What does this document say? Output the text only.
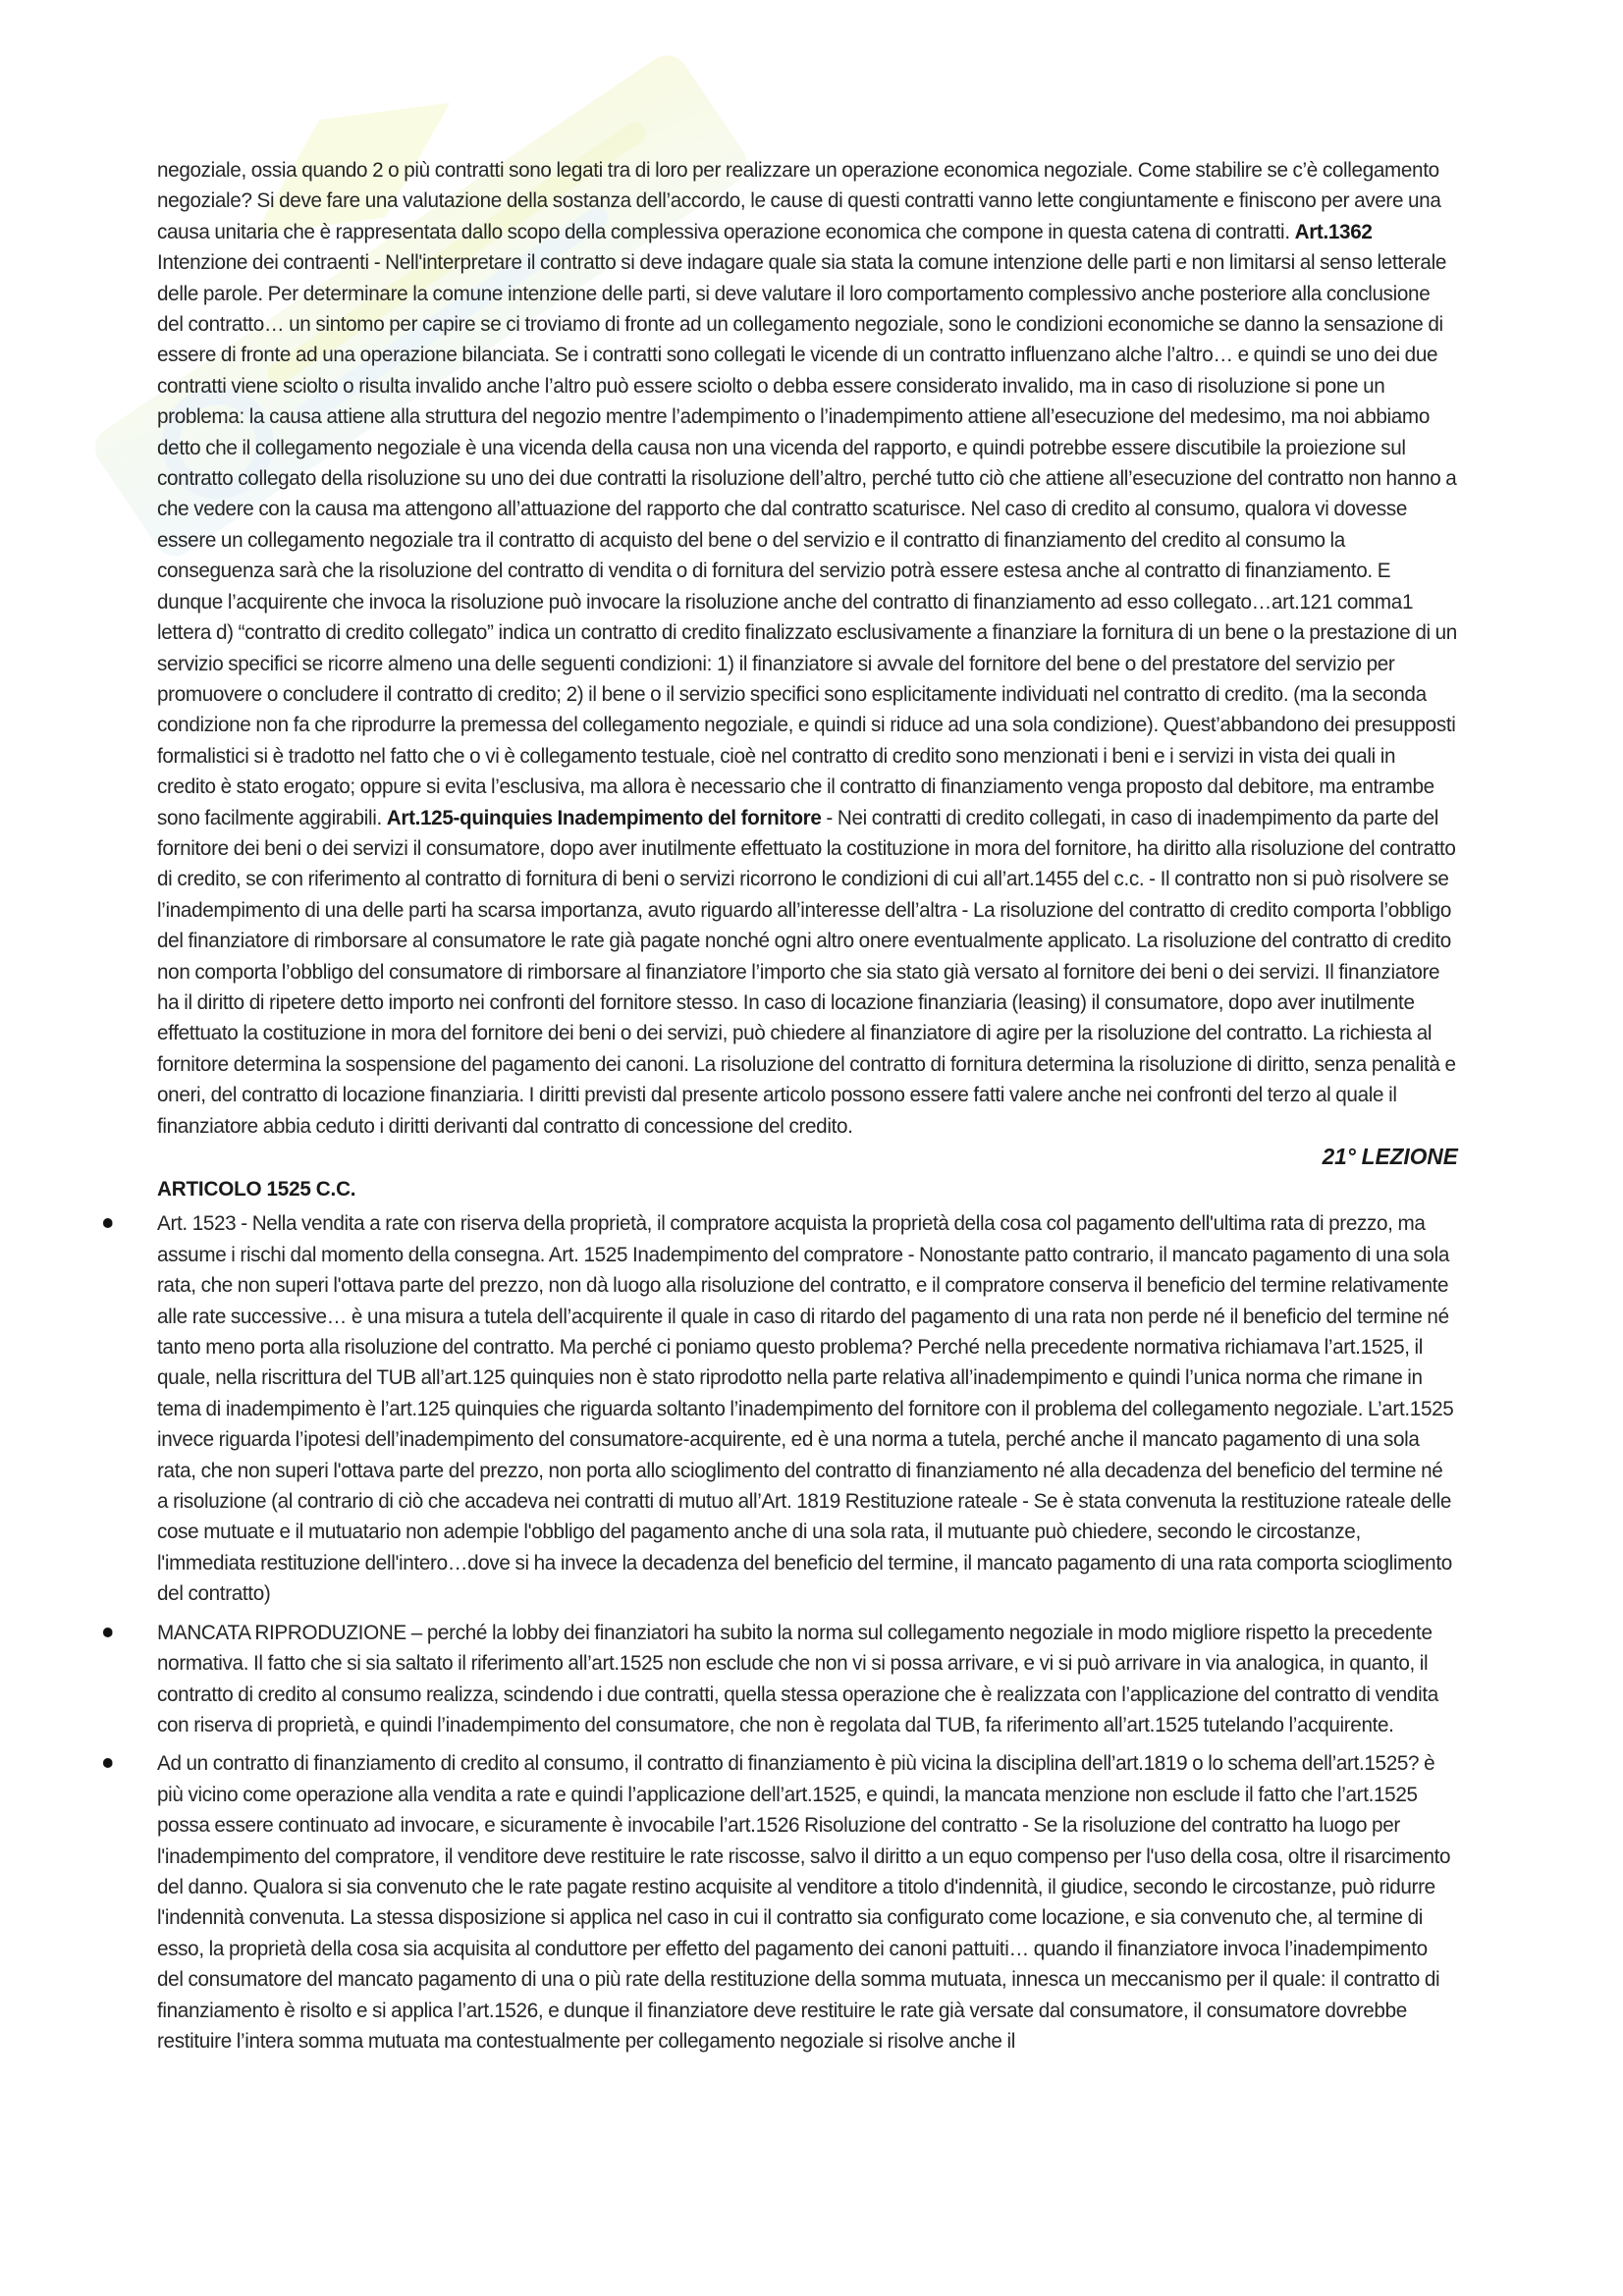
negoziale, ossia quando 2 o più contratti sono legati tra di loro per realizzare un operazione economica negoziale. Come stabilire se c’è collegamento negoziale? Si deve fare una valutazione della sostanza dell’accordo, le cause di questi contratti vanno lette congiuntamente e finiscono per avere una causa unitaria che è rappresentata dallo scopo della complessiva operazione economica che compone in questa catena di contratti. Art.1362 Intenzione dei contraenti - Nell'interpretare il contratto si deve indagare quale sia stata la comune intenzione delle parti e non limitarsi al senso letterale delle parole. Per determinare la comune intenzione delle parti, si deve valutare il loro comportamento complessivo anche posteriore alla conclusione del contratto… un sintomo per capire se ci troviamo di fronte ad un collegamento negoziale, sono le condizioni economiche se danno la sensazione di essere di fronte ad una operazione bilanciata. Se i contratti sono collegati le vicende di un contratto influenzano alche l’altro… e quindi se uno dei due contratti viene sciolto o risulta invalido anche l’altro può essere sciolto o debba essere considerato invalido, ma in caso di risoluzione si pone un problema: la causa attiene alla struttura del negozio mentre l’adempimento o l’inadempimento attiene all’esecuzione del medesimo, ma noi abbiamo detto che il collegamento negoziale è una vicenda della causa non una vicenda del rapporto, e quindi potrebbe essere discutibile la proiezione sul contratto collegato della risoluzione su uno dei due contratti la risoluzione dell’altro, perché tutto ciò che attiene all’esecuzione del contratto non hanno a che vedere con la causa ma attengono all’attuazione del rapporto che dal contratto scaturisce. Nel caso di credito al consumo, qualora vi dovesse essere un collegamento negoziale tra il contratto di acquisto del bene o del servizio e il contratto di finanziamento del credito al consumo la conseguenza sarà che la risoluzione del contratto di vendita o di fornitura del servizio potrà essere estesa anche al contratto di finanziamento. E dunque l’acquirente che invoca la risoluzione può invocare la risoluzione anche del contratto di finanziamento ad esso collegato…art.121 comma1 lettera d) “contratto di credito collegato” indica un contratto di credito finalizzato esclusivamente a finanziare la fornitura di un bene o la prestazione di un servizio specifici se ricorre almeno una delle seguenti condizioni: 1) il finanziatore si avvale del fornitore del bene o del prestatore del servizio per promuovere o concludere il contratto di credito; 2) il bene o il servizio specifici sono esplicitamente individuati nel contratto di credito. (ma la seconda condizione non fa che riprodurre la premessa del collegamento negoziale, e quindi si riduce ad una sola condizione). Quest’abbandono dei presupposti formalistici si è tradotto nel fatto che o vi è collegamento testuale, cioè nel contratto di credito sono menzionati i beni e i servizi in vista dei quali in credito è stato erogato; oppure si evita l’esclusiva, ma allora è necessario che il contratto di finanziamento venga proposto dal debitore, ma entrambe sono facilmente aggirabili. Art.125-quinquies Inadempimento del fornitore - Nei contratti di credito collegati, in caso di inadempimento da parte del fornitore dei beni o dei servizi il consumatore, dopo aver inutilmente effettuato la costituzione in mora del fornitore, ha diritto alla risoluzione del contratto di credito, se con riferimento al contratto di fornitura di beni o servizi ricorrono le condizioni di cui all’art.1455 del c.c. - Il contratto non si può risolvere se l’inadempimento di una delle parti ha scarsa importanza, avuto riguardo all’interesse dell’altra - La risoluzione del contratto di credito comporta l’obbligo del finanziatore di rimborsare al consumatore le rate già pagate nonché ogni altro onere eventualmente applicato. La risoluzione del contratto di credito non comporta l’obbligo del consumatore di rimborsare al finanziatore l’importo che sia stato già versato al fornitore dei beni o dei servizi. Il finanziatore ha il diritto di ripetere detto importo nei confronti del fornitore stesso. In caso di locazione finanziaria (leasing) il consumatore, dopo aver inutilmente effettuato la costituzione in mora del fornitore dei beni o dei servizi, può chiedere al finanziatore di agire per la risoluzione del contratto. La richiesta al fornitore determina la sospensione del pagamento dei canoni. La risoluzione del contratto di fornitura determina la risoluzione di diritto, senza penalità e oneri, del contratto di locazione finanziaria. I diritti previsti dal presente articolo possono essere fatti valere anche nei confronti del terzo al quale il finanziatore abbia ceduto i diritti derivanti dal contratto di concessione del credito.

21° LEZIONE
ARTICOLO 1525 C.C.
Art. 1523 - Nella vendita a rate con riserva della proprietà, il compratore acquista la proprietà della cosa col pagamento dell'ultima rata di prezzo, ma assume i rischi dal momento della consegna. Art. 1525 Inadempimento del compratore - Nonostante patto contrario, il mancato pagamento di una sola rata, che non superi l'ottava parte del prezzo, non dà luogo alla risoluzione del contratto, e il compratore conserva il beneficio del termine relativamente alle rate successive… è una misura a tutela dell’acquirente il quale in caso di ritardo del pagamento di una rata non perde né il beneficio del termine né tanto meno porta alla risoluzione del contratto. Ma perché ci poniamo questo problema? Perché nella precedente normativa richiamava l’art.1525, il quale, nella riscrittura del TUB all’art.125 quinquies non è stato riprodotto nella parte relativa all’inadempimento e quindi l’unica norma che rimane in tema di inadempimento è l’art.125 quinquies che riguarda soltanto l’inadempimento del fornitore con il problema del collegamento negoziale. L’art.1525 invece riguarda l’ipotesi dell’inadempimento del consumatore-acquirente, ed è una norma a tutela, perché anche il mancato pagamento di una sola rata, che non superi l'ottava parte del prezzo, non porta allo scioglimento del contratto di finanziamento né alla decadenza del beneficio del termine né a risoluzione (al contrario di ciò che accadeva nei contratti di mutuo all’Art. 1819 Restituzione rateale - Se è stata convenuta la restituzione rateale delle cose mutuate e il mutuatario non adempie l'obbligo del pagamento anche di una sola rata, il mutuante può chiedere, secondo le circostanze, l'immediata restituzione dell'intero…dove si ha invece la decadenza del beneficio del termine, il mancato pagamento di una rata comporta scioglimento del contratto)
MANCATA RIPRODUZIONE – perché la lobby dei finanziatori ha subito la norma sul collegamento negoziale in modo migliore rispetto la precedente normativa. Il fatto che si sia saltato il riferimento all’art.1525 non esclude che non vi si possa arrivare, e vi si può arrivare in via analogica, in quanto, il contratto di credito al consumo realizza, scindendo i due contratti, quella stessa operazione che è realizzata con l’applicazione del contratto di vendita con riserva di proprietà, e quindi l’inadempimento del consumatore, che non è regolata dal TUB, fa riferimento all’art.1525 tutelando l’acquirente.
Ad un contratto di finanziamento di credito al consumo, il contratto di finanziamento è più vicina la disciplina dell’art.1819 o lo schema dell’art.1525? è più vicino come operazione alla vendita a rate e quindi l’applicazione dell’art.1525, e quindi, la mancata menzione non esclude il fatto che l’art.1525 possa essere continuato ad invocare, e sicuramente è invocabile l’art.1526 Risoluzione del contratto - Se la risoluzione del contratto ha luogo per l'inadempimento del compratore, il venditore deve restituire le rate riscosse, salvo il diritto a un equo compenso per l'uso della cosa, oltre il risarcimento del danno. Qualora si sia convenuto che le rate pagate restino acquisite al venditore a titolo d'indennità, il giudice, secondo le circostanze, può ridurre l'indennità convenuta. La stessa disposizione si applica nel caso in cui il contratto sia configurato come locazione, e sia convenuto che, al termine di esso, la proprietà della cosa sia acquisita al conduttore per effetto del pagamento dei canoni pattuiti… quando il finanziatore invoca l’inadempimento del consumatore del mancato pagamento di una o più rate della restituzione della somma mutuata, innesca un meccanismo per il quale: il contratto di finanziamento è risolto e si applica l’art.1526, e dunque il finanziatore deve restituire le rate già versate dal consumatore, il consumatore dovrebbe restituire l’intera somma mutuata ma contestualmente per collegamento negoziale si risolve anche il
